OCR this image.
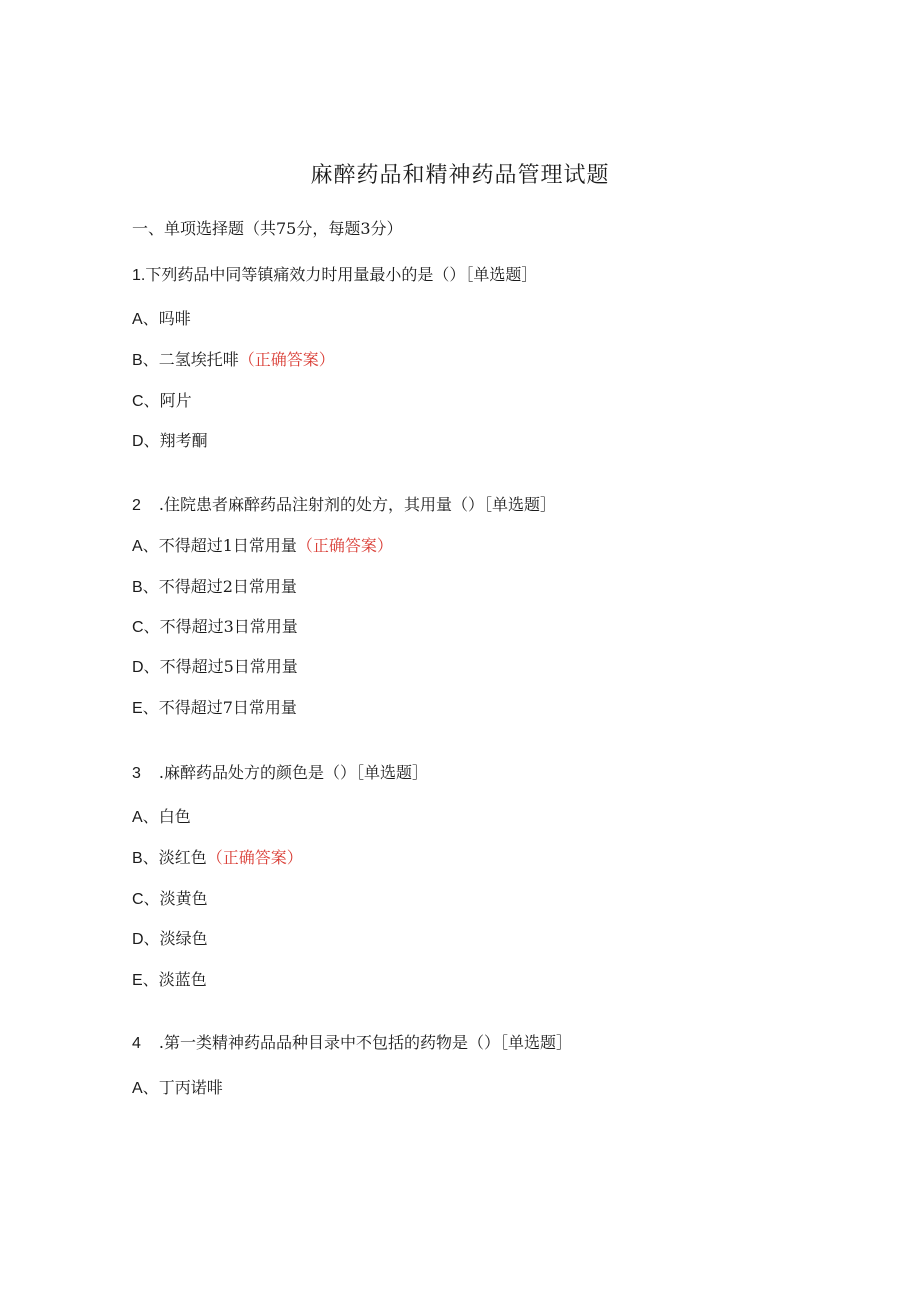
麻醉药品和精神药品管理试题
一、单项选择题（共75分，每题3分）
1.下列药品中同等镇痛效力时用量最小的是（）［单选题］
A、吗啡
B、二氢埃托啡（正确答案）
C、阿片
D、翔考酮
2 .住院患者麻醉药品注射剂的处方，其用量（）［单选题］
A、不得超过1日常用量（正确答案）
B、不得超过2日常用量
C、不得超过3日常用量
D、不得超过5日常用量
E、不得超过7日常用量
3 .麻醉药品处方的颜色是（）［单选题］
A、白色
B、淡红色（正确答案）
C、淡黄色
D、淡绿色
E、淡蓝色
4 .第一类精神药品品种目录中不包括的药物是（）［单选题］
A、丁丙诺啡
